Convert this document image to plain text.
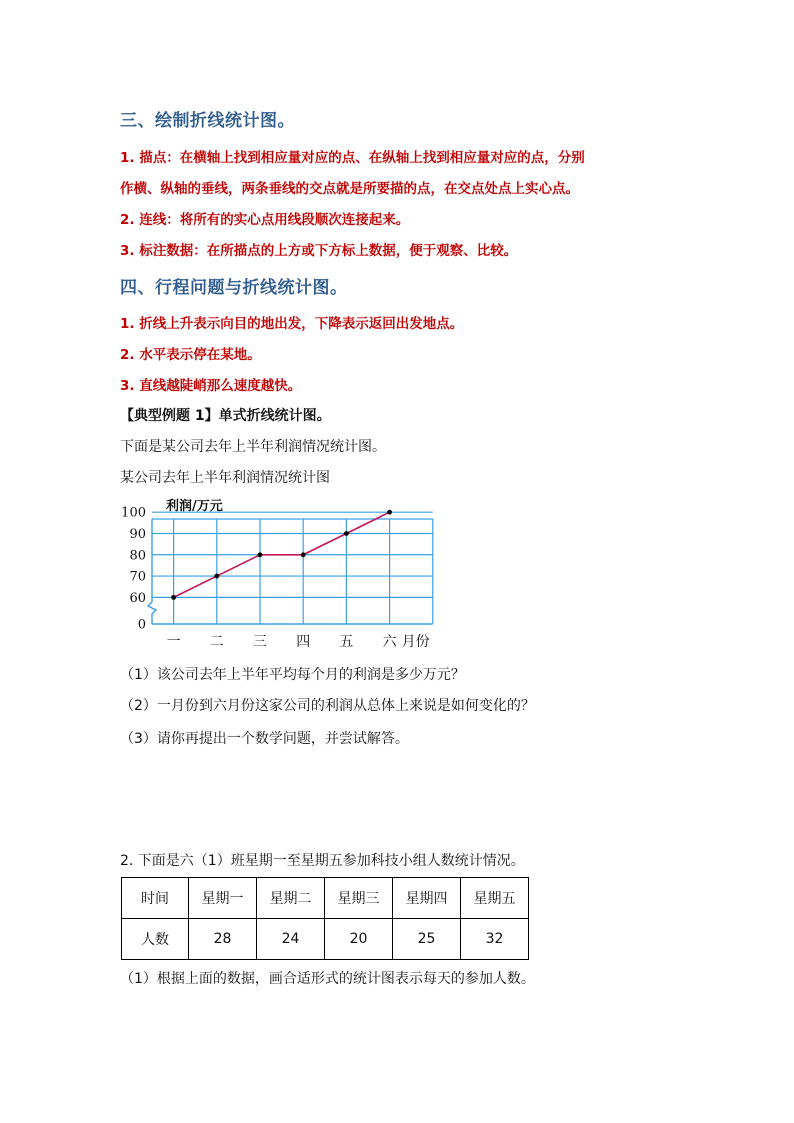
三、绘制折线统计图。
1. 描点：在横轴上找到相应量对应的点、在纵轴上找到相应量对应的点，分别
作横、纵轴的垂线，两条垂线的交点就是所要描的点，在交点处点上实心点。
2. 连线：将所有的实心点用线段顺次连接起来。
3. 标注数据：在所描点的上方或下方标上数据，便于观察、比较。
四、行程问题与折线统计图。
1. 折线上升表示向目的地出发，下降表示返回出发地点。
2. 水平表示停在某地。
3. 直线越陡峭那么速度越快。
【典型例题 1】单式折线统计图。
下面是某公司去年上半年利润情况统计图。
某公司去年上半年利润情况统计图
利润/万元
0
60
70
80
90
100
一 二 三 四 五 六 月份
（1）该公司去年上半年平均每个月的利润是多少万元？
（2）一月份到六月份这家公司的利润从总体上来说是如何变化的？
（3）请你再提出一个数学问题，并尝试解答。
2. 下面是六（1）班星期一至星期五参加科技小组人数统计情况。
时间	星期一	星期二	星期三	星期四	星期五
人数	28	24	20	25	32
（1）根据上面的数据，画合适形式的统计图表示每天的参加人数。
